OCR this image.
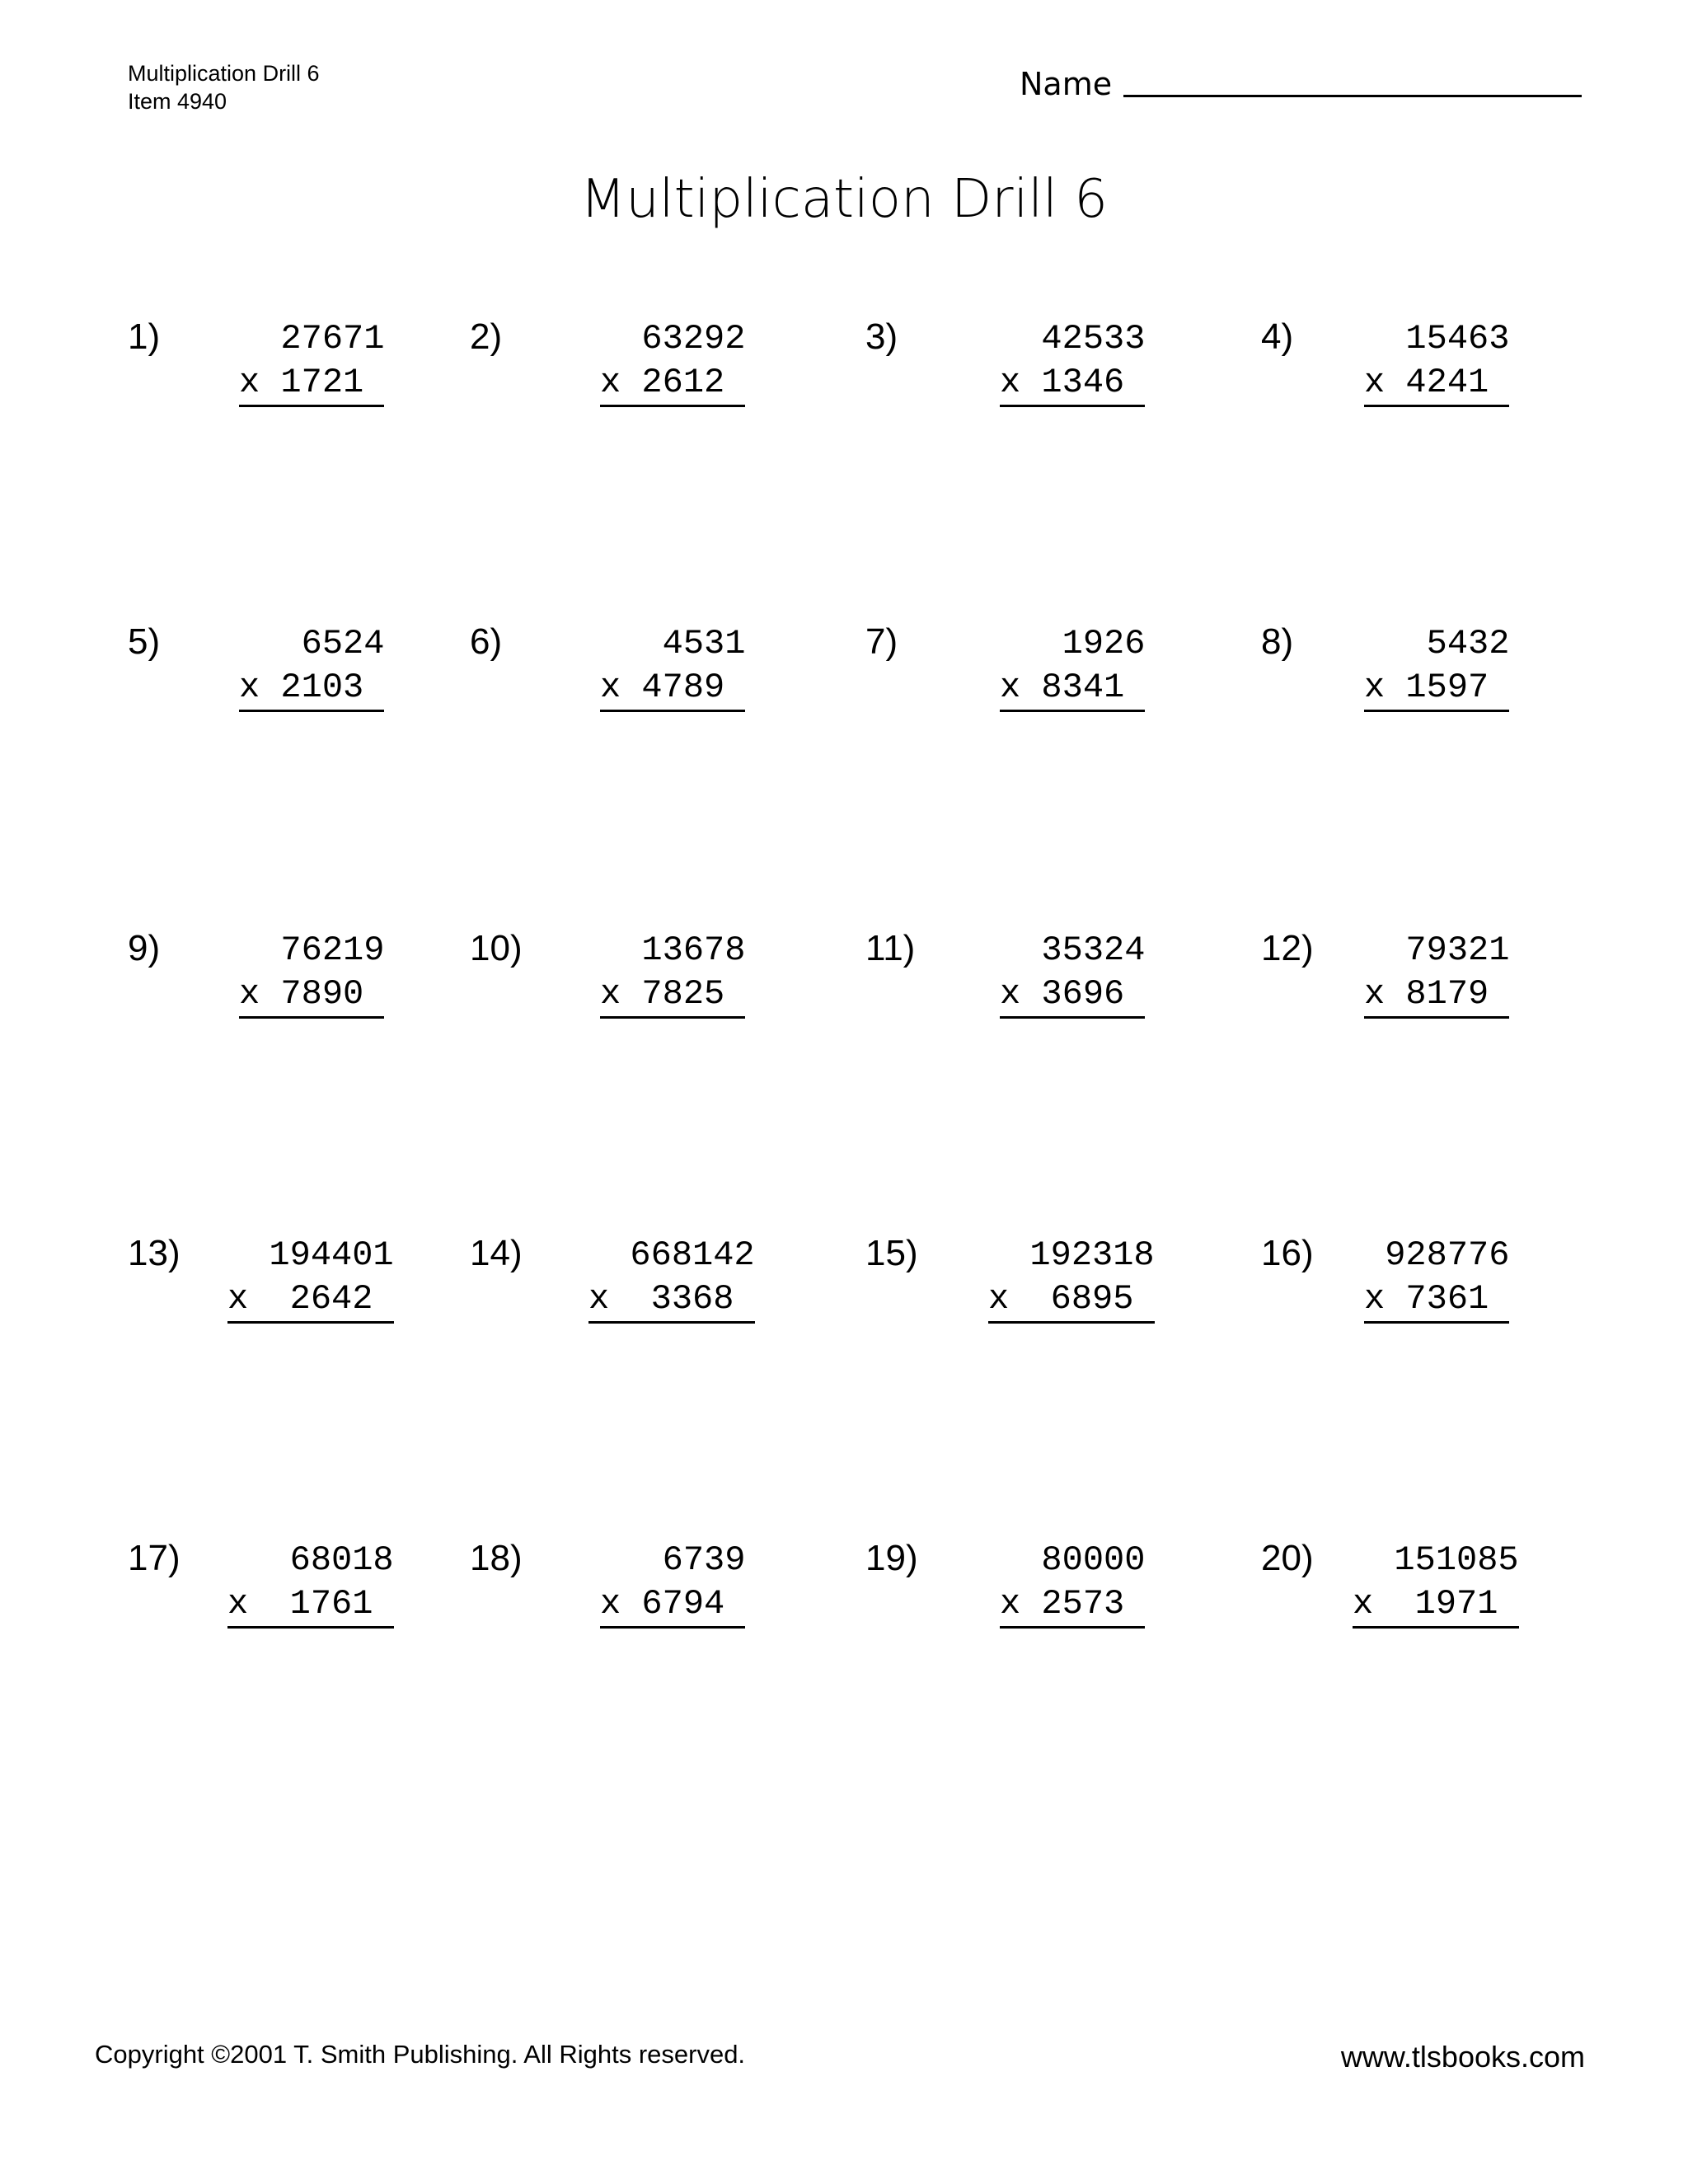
Multiplication Drill 6
Item 4940	Name
Multiplication Drill 6
1)	27671
x 1721
2)	63292
x 2612
3)	42533
x 1346
4)	15463
x 4241
5)	6524
x 2103
6)	4531
x 4789
7)	1926
x 8341
8)	5432
x 1597
9)	76219
x 7890
10)	13678
x 7825
11)	35324
x 3696
12)	79321
x 8179
13)	194401
x  2642
14)	668142
x  3368
15)	192318
x  6895
16)	928776
x 7361
17)	68018
x  1761
18)	6739
x 6794
19)	80000
x 2573
20)	151085
x  1971
Copyright ©2001 T. Smith Publishing. All Rights reserved.	www.tlsbooks.com
